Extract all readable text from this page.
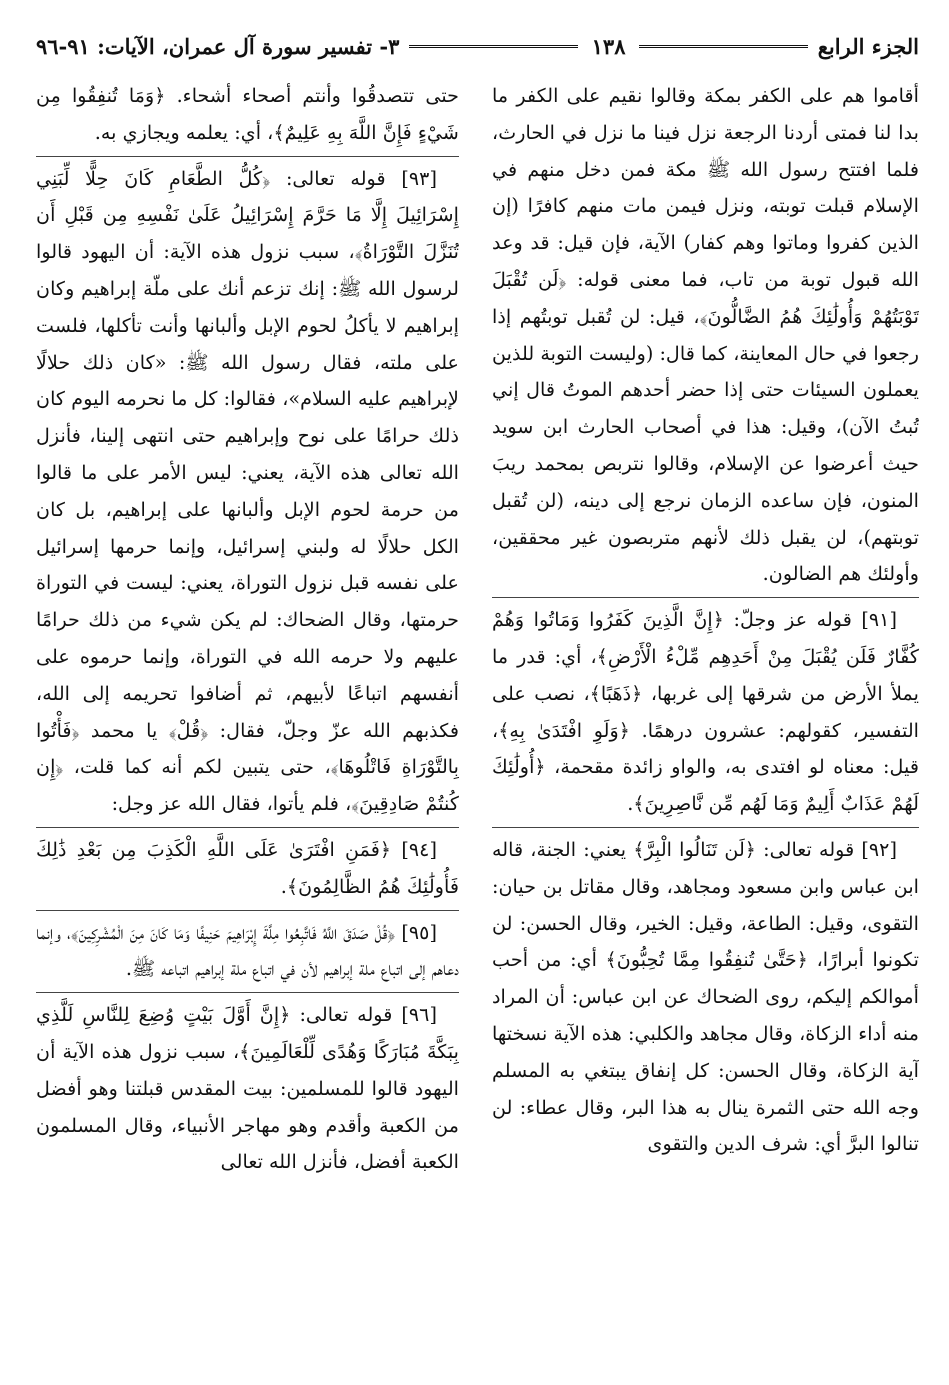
الجزء الرابع
١٣٨
٣- تفسير سورة آل عمران، الآيات: ٩١-٩٦

أقاموا هم على الكفر بمكة وقالوا نقيم على الكفر ما بدا لنا فمتى أردنا الرجعة نزل فينا ما نزل في الحارث، فلما افتتح رسول الله ﷺ مكة فمن دخل منهم في الإسلام قبلت توبته، ونزل فيمن مات منهم كافرًا (إن الذين كفروا وماتوا وهم كفار) الآية، فإن قيل: قد وعد الله قبول توبة من تاب، فما معنى قوله: ﴿لَن تُقْبَلَ تَوْبَتُهُمْ وَأُولَٰئِكَ هُمُ الضَّالُّونَ﴾، قيل: لن تُقبل توبتُهم إذا رجعوا في حال المعاينة، كما قال: (وليست التوبة للذين يعملون السيئات حتى إذا حضر أحدهم الموتُ قال إني تُبتُ الآن)، وقيل: هذا في أصحاب الحارث ابن سويد حيث أعرضوا عن الإسلام، وقالوا نتربص بمحمد ريبَ المنون، فإن ساعده الزمان نرجع إلى دينه، (لن تُقبل توبتهم)، لن يقبل ذلك لأنهم متربصون غير محققين، وأولئك هم الضالون.

[٩١] قوله عز وجلّ: ﴿إِنَّ الَّذِينَ كَفَرُوا وَمَاتُوا وَهُمْ كُفَّارٌ فَلَن يُقْبَلَ مِنْ أَحَدِهِم مِّلْءُ الْأَرْضِ﴾، أي: قدر ما يملأ الأرض من شرقها إلى غربها، ﴿ذَهَبًا﴾، نصب على التفسير، كقولهم: عشرون درهمًا. ﴿وَلَوِ افْتَدَىٰ بِهِ﴾، قيل: معناه لو افتدى به، والواو زائدة مقحمة، ﴿أُولَٰئِكَ لَهُمْ عَذَابٌ أَلِيمٌ وَمَا لَهُم مِّن نَّاصِرِينَ﴾.

[٩٢] قوله تعالى: ﴿لَن تَنَالُوا الْبِرَّ﴾ يعني: الجنة، قاله ابن عباس وابن مسعود ومجاهد، وقال مقاتل بن حيان: التقوى، وقيل: الطاعة، وقيل: الخير، وقال الحسن: لن تكونوا أبرارًا، ﴿حَتَّىٰ تُنفِقُوا مِمَّا تُحِبُّونَ﴾ أي: من أحب أموالكم إليكم، روى الضحاك عن ابن عباس: أن المراد منه أداء الزكاة، وقال مجاهد والكلبي: هذه الآية نسختها آية الزكاة، وقال الحسن: كل إنفاق يبتغي به المسلم وجه الله حتى الثمرة ينال به هذا البر، وقال عطاء: لن تنالوا البرَّ أي: شرف الدين والتقوى

حتى تتصدقُوا وأنتم أصحاء أشحاء. ﴿وَمَا تُنفِقُوا مِن شَيْءٍ فَإِنَّ اللَّهَ بِهِ عَلِيمٌ﴾، أي: يعلمه ويجازي به.

[٩٣] قوله تعالى: ﴿كُلُّ الطَّعَامِ كَانَ حِلًّا لِّبَنِي إِسْرَائِيلَ إِلَّا مَا حَرَّمَ إِسْرَائِيلُ عَلَىٰ نَفْسِهِ مِن قَبْلِ أَن تُنَزَّلَ التَّوْرَاةُ﴾، سبب نزول هذه الآية: أن اليهود قالوا لرسول الله ﷺ: إنك تزعم أنك على ملّة إبراهيم وكان إبراهيم لا يأكلُ لحوم الإبل وألبانها وأنت تأكلها، فلست على ملته، فقال رسول الله ﷺ: «كان ذلك حلالًا لإبراهيم عليه السلام»، فقالوا: كل ما نحرمه اليوم كان ذلك حرامًا على نوح وإبراهيم حتى انتهى إلينا، فأنزل الله تعالى هذه الآية، يعني: ليس الأمر على ما قالوا من حرمة لحوم الإبل وألبانها على إبراهيم، بل كان الكل حلالًا له ولبني إسرائيل، وإنما حرمها إسرائيل على نفسه قبل نزول التوراة، يعني: ليست في التوراة حرمتها، وقال الضحاك: لم يكن شيء من ذلك حرامًا عليهم ولا حرمه الله في التوراة، وإنما حرموه على أنفسهم اتباعًا لأبيهم، ثم أضافوا تحريمه إلى الله، فكذبهم الله عزّ وجلّ، فقال: ﴿قُلْ﴾ يا محمد ﴿فَأْتُوا بِالتَّوْرَاةِ فَاتْلُوهَا﴾، حتى يتبين لكم أنه كما قلت، ﴿إِن كُنتُمْ صَادِقِينَ﴾، فلم يأتوا، فقال الله عز وجل:

[٩٤] ﴿فَمَنِ افْتَرَىٰ عَلَى اللَّهِ الْكَذِبَ مِن بَعْدِ ذَٰلِكَ فَأُولَٰئِكَ هُمُ الظَّالِمُونَ﴾.

[٩٥] ﴿قُلْ صَدَقَ اللَّهُ فَاتَّبِعُوا مِلَّةَ إِبْرَاهِيمَ حَنِيفًا وَمَا كَانَ مِنَ الْمُشْرِكِينَ﴾، وإنما دعاهم إلى اتباع ملة إبراهيم لأن في اتباع ملة إبراهيم اتباعه ﷺ.

[٩٦] قوله تعالى: ﴿إِنَّ أَوَّلَ بَيْتٍ وُضِعَ لِلنَّاسِ لَلَّذِي بِبَكَّةَ مُبَارَكًا وَهُدًى لِّلْعَالَمِينَ﴾، سبب نزول هذه الآية أن اليهود قالوا للمسلمين: بيت المقدس قبلتنا وهو أفضل من الكعبة وأقدم وهو مهاجر الأنبياء، وقال المسلمون الكعبة أفضل، فأنزل الله تعالى
